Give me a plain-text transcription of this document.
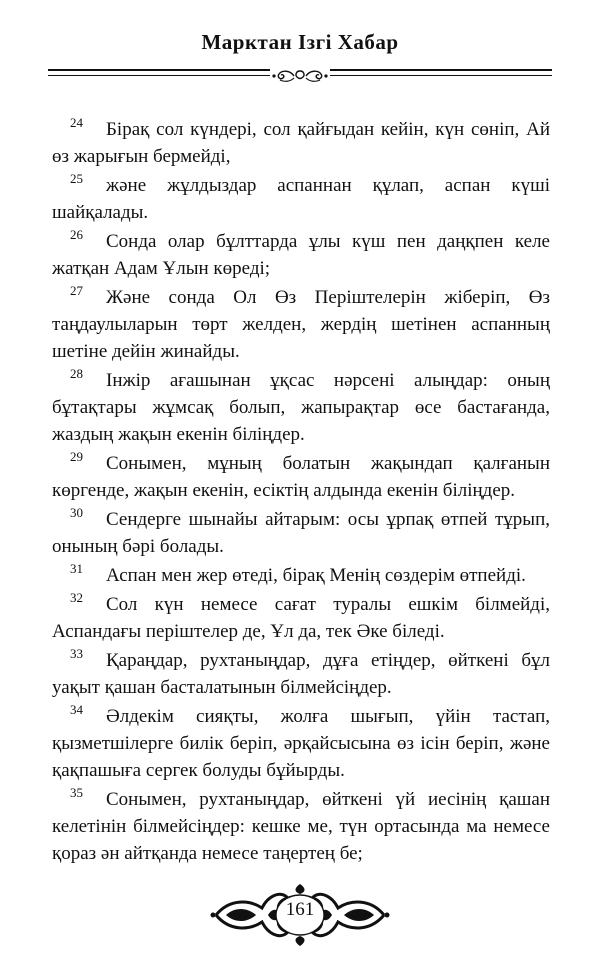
Марктан Ізгі Хабар

24 Бірақ сол күндері, сол қайғыдан кейін, күн сөніп, Ай өз жарығын бермейді,

25 және жұлдыздар аспаннан құлап, аспан күші шайқалады.

26 Сонда олар бұлттарда ұлы күш пен даңқпен келе жатқан Адам Ұлын көреді;

27 Және сонда Ол Өз Періштелерін жіберіп, Өз таңдаулыларын төрт желден, жердің шетінен аспанның шетіне дейін жинайды.

28 Інжір ағашынан ұқсас нәрсені алыңдар: оның бұтақтары жұмсақ болып, жапырақтар өсе бастағанда, жаздың жақын екенін білiңдер.

29 Сонымен, мұның болатын жақындап қалғанын көргенде, жақын екенін, есіктің алдында екенін біліңдер.

30 Сендерге шынайы айтарым: осы ұрпақ өтпей тұрып, онының бәрі болады.

31 Аспан мен жер өтеді, бірақ Менің сөздерім өтпейді.

32 Сол күн немесе сағат туралы ешкім білмейді, Аспандағы періштелер де, Ұл да, тек Әке біледі.

33 Қараңдар, рухтаныңдар, дұға етіңдер, өйткені бұл уақыт қашан басталатынын білмейсіңдер.

34 Әлдекім сияқты, жолға шығып, үйін тастап, қызметшілерге билік беріп, әрқайсысына өз ісін беріп, және қақпашыға сергек болуды бұйырды.

35 Сонымен, рухтаныңдар, өйткені үй иесінің қашан келетінін білмейсіңдер: кешке ме, түн ортасында ма немесе қораз ән айтқанда немесе таңертең бе;

161
